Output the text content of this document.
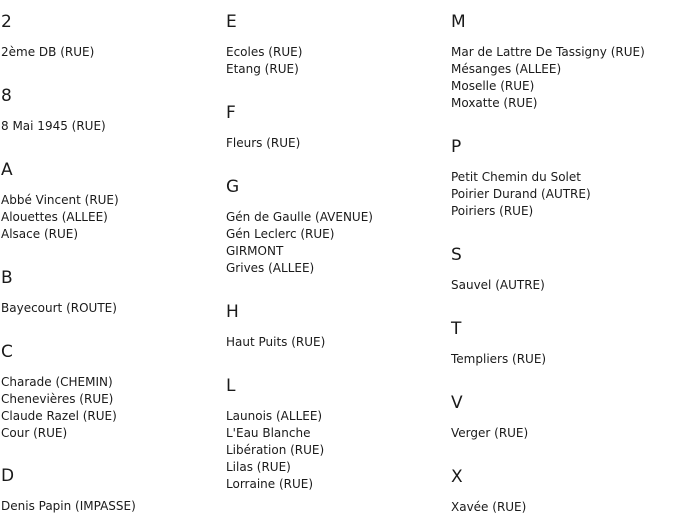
2
2ème DB (RUE)
8
8 Mai 1945 (RUE)
A
Abbé Vincent (RUE)
Alouettes (ALLEE)
Alsace (RUE)
B
Bayecourt (ROUTE)
C
Charade (CHEMIN)
Chenevières (RUE)
Claude Razel (RUE)
Cour (RUE)
D
Denis Papin (IMPASSE)
E
Ecoles (RUE)
Etang (RUE)
F
Fleurs (RUE)
G
Gén de Gaulle (AVENUE)
Gén Leclerc (RUE)
GIRMONT
Grives (ALLEE)
H
Haut Puits (RUE)
L
Launois (ALLEE)
L'Eau Blanche
Libération (RUE)
Lilas (RUE)
Lorraine (RUE)
M
Mar de Lattre De Tassigny (RUE)
Mésanges (ALLEE)
Moselle (RUE)
Moxatte (RUE)
P
Petit Chemin du Solet
Poirier Durand (AUTRE)
Poiriers (RUE)
S
Sauvel (AUTRE)
T
Templiers (RUE)
V
Verger (RUE)
X
Xavée (RUE)
